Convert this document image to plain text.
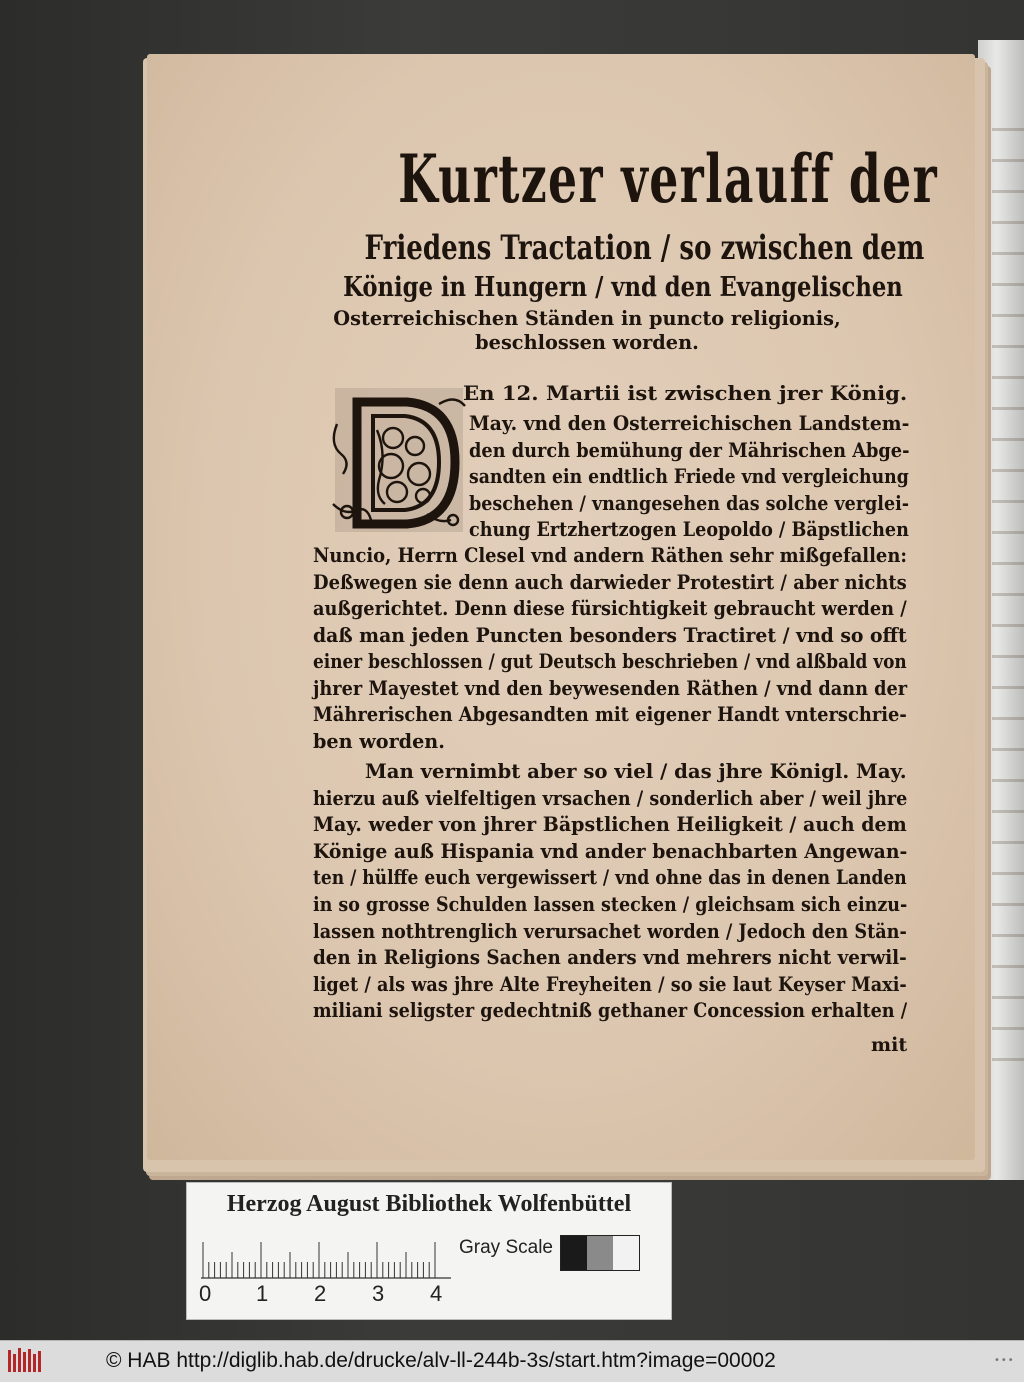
Kurtzer verlauff der
Friedens Tractation / so zwischen dem
Könige in Hungern / vnd den Evangelischen
Osterreichischen Ständen in puncto religionis,
beschlossen worden.
En 12. Martii ist zwischen jrer König.
May. vnd den Osterreichischen Landstem-
den durch bemühung der Mährischen Abge-
sandten ein endtlich Friede vnd vergleichung
beschehen / vnangesehen das solche verglei-
chung Ertzhertzogen Leopoldo / Bäpstlichen
Nuncio, Herrn Clesel vnd andern Räthen sehr mißgefallen:
Deßwegen sie denn auch darwieder Protestirt / aber nichts
außgerichtet. Denn diese fürsichtigkeit gebraucht werden /
daß man jeden Puncten besonders Tractiret / vnd so offt
einer beschlossen / gut Deutsch beschrieben / vnd alßbald von
jhrer Mayestet vnd den beywesenden Räthen / vnd dann der
Mährerischen Abgesandten mit eigener Handt vnterschrie-
ben worden.
Man vernimbt aber so viel / das jhre Königl. May.
hierzu auß vielfeltigen vrsachen / sonderlich aber / weil jhre
May. weder von jhrer Bäpstlichen Heiligkeit / auch dem
Könige auß Hispania vnd ander benachbarten Angewan-
ten / hülffe euch vergewissert / vnd ohne das in denen Landen
in so grosse Schulden lassen stecken / gleichsam sich einzu-
lassen nothtrenglich verursachet worden / Jedoch den Stän-
den in Religions Sachen anders vnd mehrers nicht verwil-
liget / als was jhre Alte Freyheiten / so sie laut Keyser Maxi-
miliani seligster gedechtniß gethaner Concession erhalten /
mit
Herzog August Bibliothek Wolfenbüttel
Gray Scale
0 1 2 3 4
© HAB http://diglib.hab.de/drucke/alv-ll-244b-3s/start.htm?image=00002	•••
